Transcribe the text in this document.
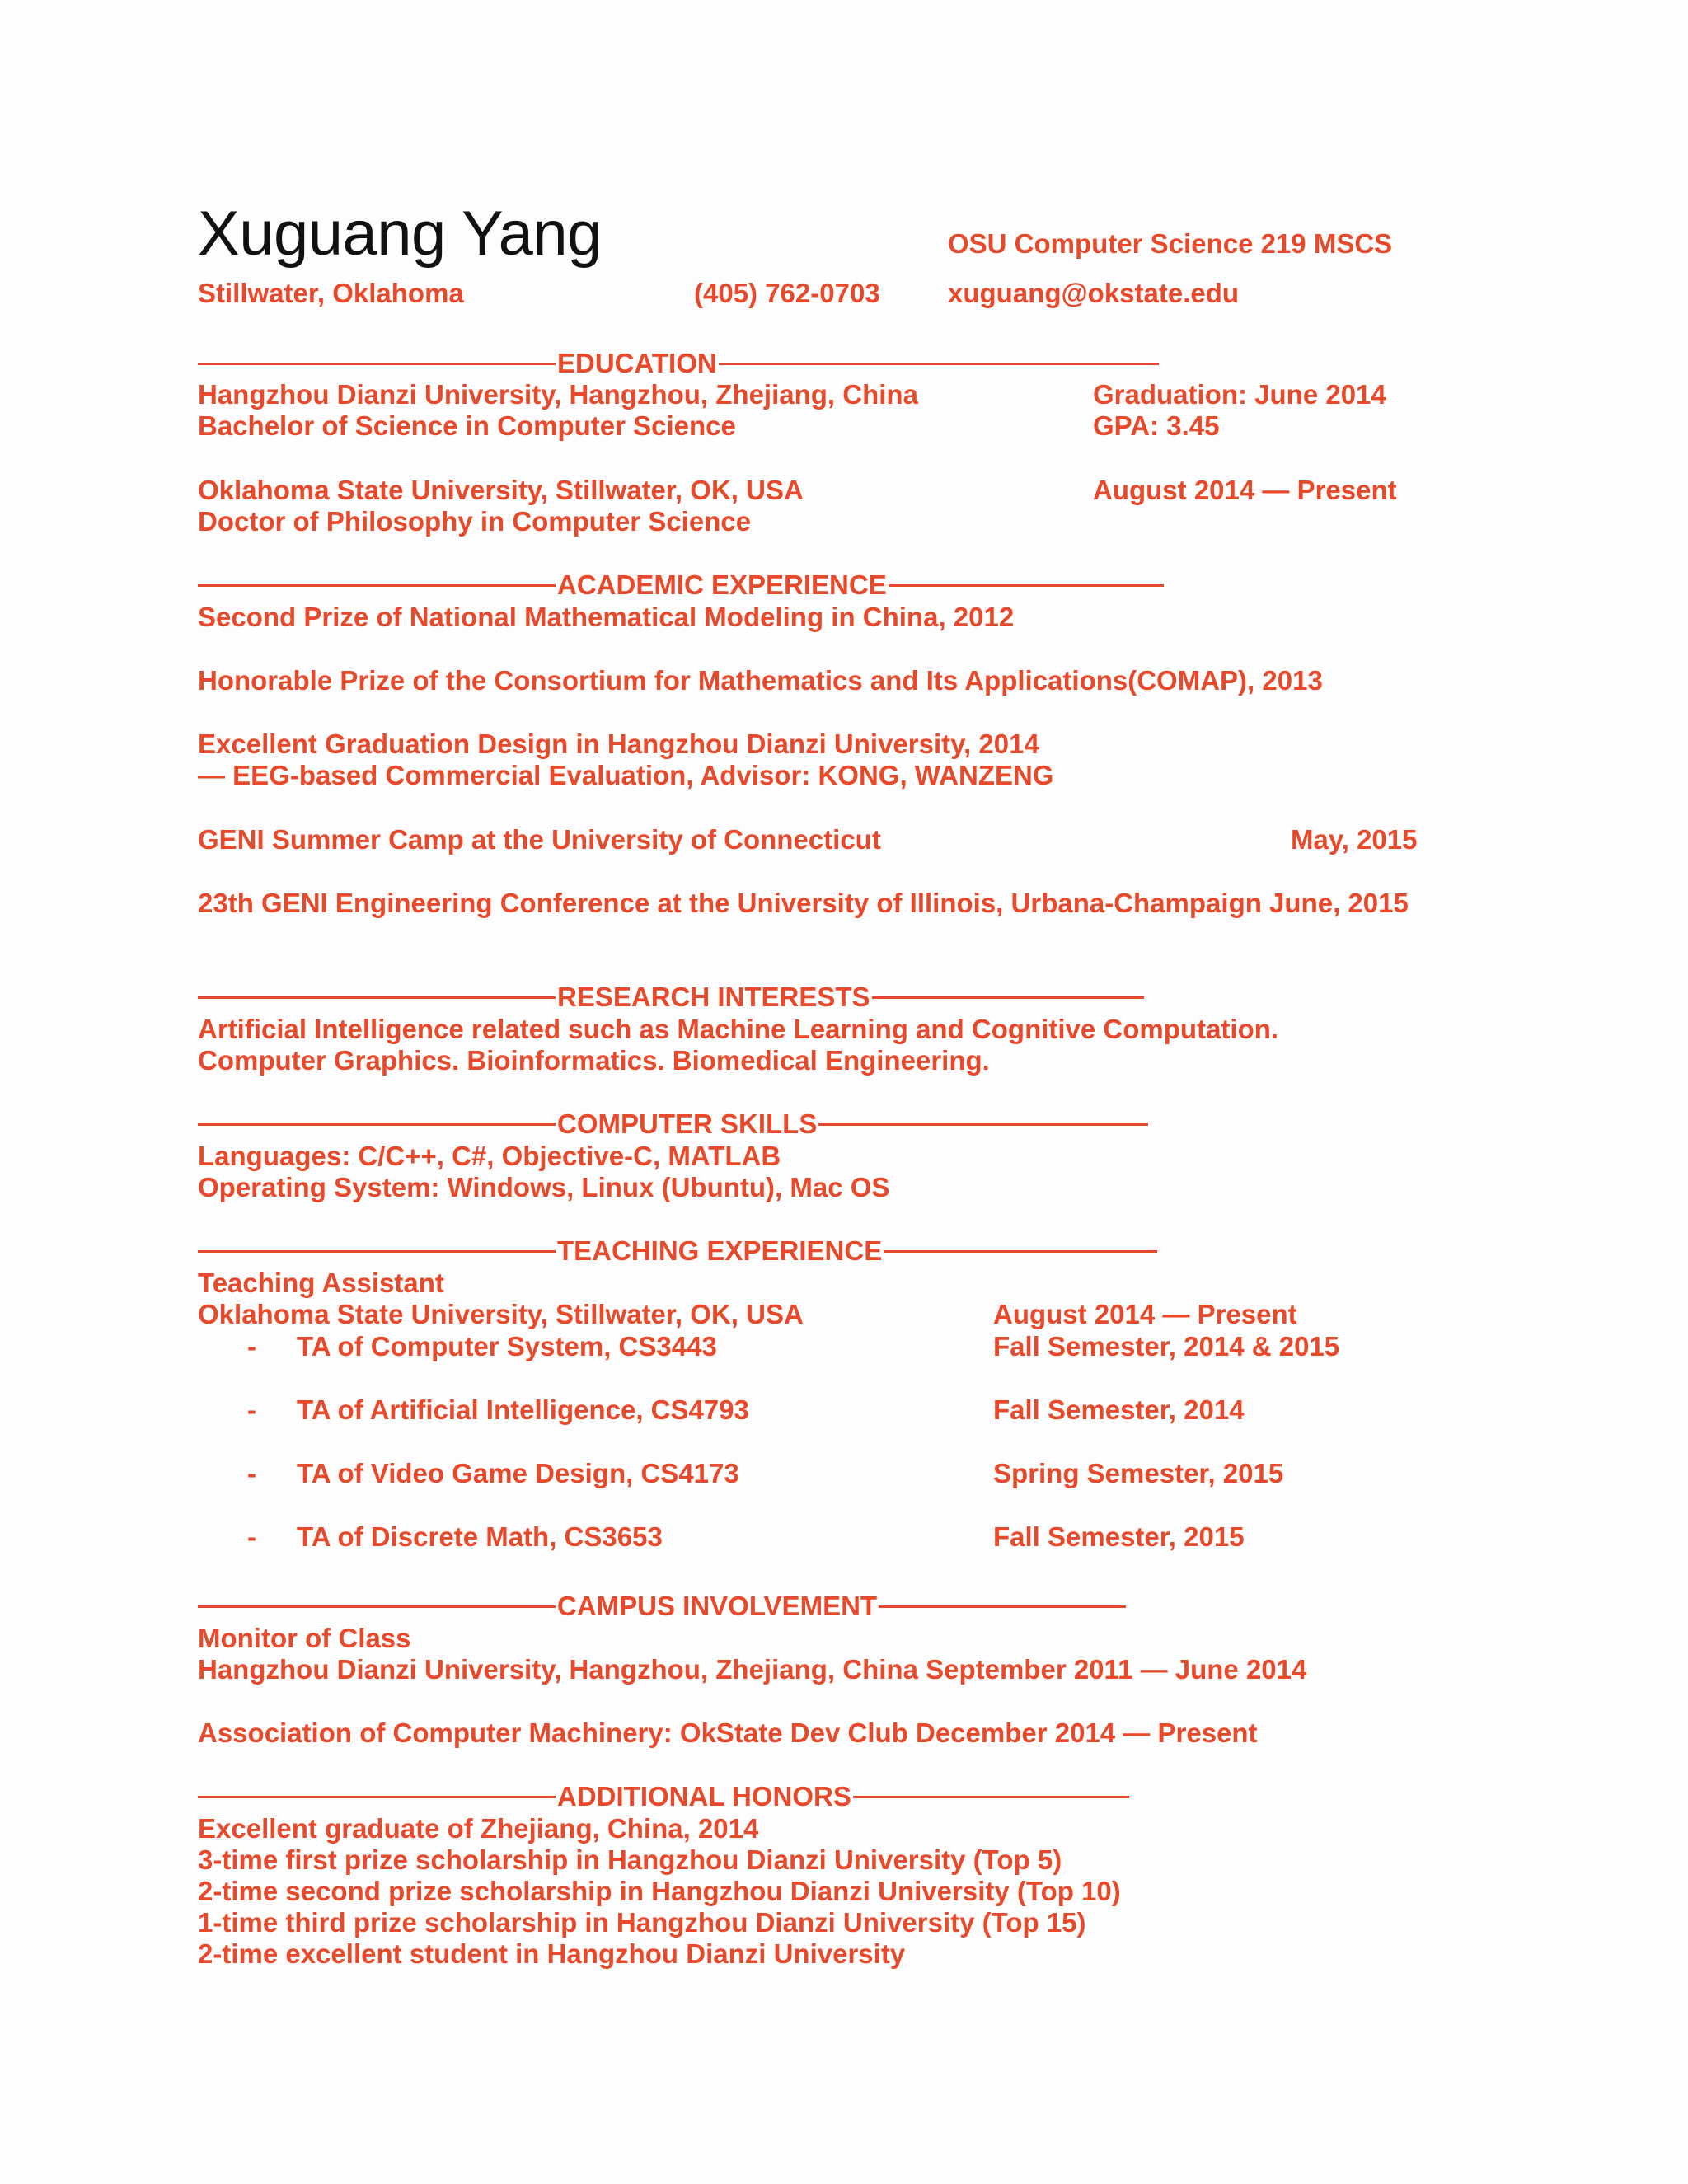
Xuguang Yang	OSU Computer Science 219 MSCS
Stillwater, Oklahoma	(405) 762-0703 xuguang@okstate.edu
EDUCATION
Hangzhou Dianzi University, Hangzhou, Zhejiang, China	Graduation: June 2014
Bachelor of Science in Computer Science	GPA: 3.45
Oklahoma State University, Stillwater, OK, USA	August 2014 — Present
Doctor of Philosophy in Computer Science
ACADEMIC EXPERIENCE
Second Prize of National Mathematical Modeling in China, 2012
Honorable Prize of the Consortium for Mathematics and Its Applications(COMAP), 2013
Excellent Graduation Design in Hangzhou Dianzi University, 2014
— EEG-based Commercial Evaluation, Advisor: KONG, WANZENG
GENI Summer Camp at the University of Connecticut	May, 2015
23th GENI Engineering Conference at the University of Illinois, Urbana-Champaign June, 2015
RESEARCH INTERESTS
Artificial Intelligence related such as Machine Learning and Cognitive Computation.
Computer Graphics. Bioinformatics. Biomedical Engineering.
COMPUTER SKILLS
Languages: C/C++, C#, Objective-C, MATLAB
Operating System: Windows, Linux (Ubuntu), Mac OS
TEACHING EXPERIENCE
Teaching Assistant
Oklahoma State University, Stillwater, OK, USA	August 2014 — Present
- TA of Computer System, CS3443	Fall Semester, 2014 & 2015
- TA of Artificial Intelligence, CS4793	Fall Semester, 2014
- TA of Video Game Design, CS4173	Spring Semester, 2015
- TA of Discrete Math, CS3653	Fall Semester, 2015
CAMPUS INVOLVEMENT
Monitor of Class
Hangzhou Dianzi University, Hangzhou, Zhejiang, China September 2011 — June 2014
Association of Computer Machinery: OkState Dev Club December 2014 — Present
ADDITIONAL HONORS
Excellent graduate of Zhejiang, China, 2014
3-time first prize scholarship in Hangzhou Dianzi University (Top 5)
2-time second prize scholarship in Hangzhou Dianzi University (Top 10)
1-time third prize scholarship in Hangzhou Dianzi University (Top 15)
2-time excellent student in Hangzhou Dianzi University
